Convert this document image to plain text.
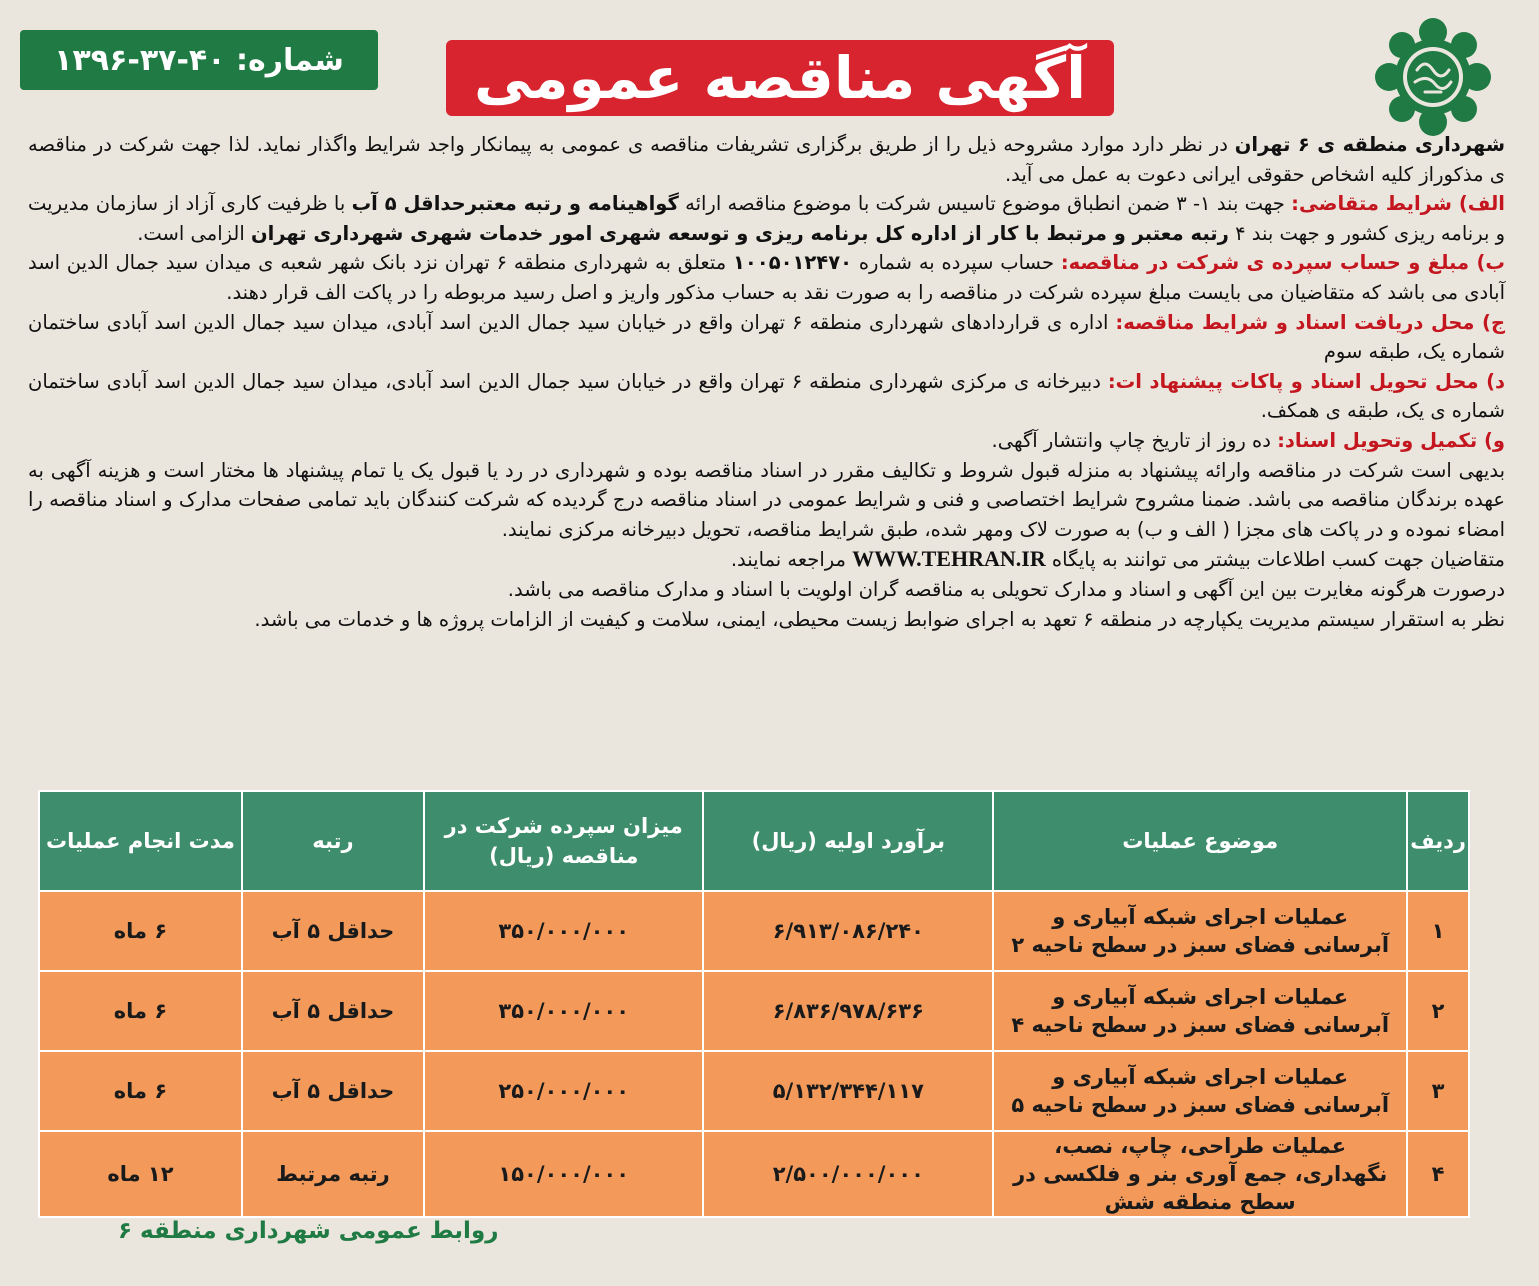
آگهی مناقصه عمومی
شماره: ۴۰-۳۷-۱۳۹۶

شهرداری منطقه ی ۶ تهران در نظر دارد موارد مشروحه ذیل را از طریق برگزاری تشریفات مناقصه ی عمومی به پیمانکار واجد شرایط واگذار نماید. لذا جهت شرکت در مناقصه ی مذکوراز کلیه اشخاص حقوقی ایرانی دعوت به عمل می آید.

الف) شرایط متقاضی: جهت بند ۱- ۳ ضمن انطباق موضوع تاسیس شرکت با موضوع مناقصه ارائه گواهینامه و رتبه معتبرحداقل ۵ آب با ظرفیت کاری آزاد از سازمان مدیریت و برنامه ریزی کشور و جهت بند ۴ رتبه معتبر و مرتبط با کار از اداره کل برنامه ریزی و توسعه شهری امور خدمات شهری شهرداری تهران الزامی است.

ب) مبلغ و حساب سپرده ی شرکت در مناقصه: حساب سپرده به شماره ۱۰۰۵۰۱۲۴۷۰ متعلق به شهرداری منطقه ۶ تهران نزد بانک شهر شعبه ی میدان سید جمال الدین اسد آبادی می باشد که متقاضیان می بایست مبلغ سپرده شرکت در مناقصه را به صورت نقد به حساب مذکور واریز و اصل رسید مربوطه را در پاکت الف قرار دهند.

ج) محل دریافت اسناد و شرایط مناقصه: اداره ی قراردادهای شهرداری منطقه ۶ تهران واقع در خیابان سید جمال الدین اسد آبادی، میدان سید جمال الدین اسد آبادی ساختمان شماره یک، طبقه سوم

د) محل تحویل اسناد و پاکات پیشنهاد ات: دبیرخانه ی مرکزی شهرداری منطقه ۶ تهران واقع در خیابان سید جمال الدین اسد آبادی، میدان سید جمال الدین اسد آبادی ساختمان شماره ی یک، طبقه ی همکف.

و) تکمیل وتحویل اسناد: ده روز از تاریخ چاپ وانتشار آگهی.

بدیهی است شرکت در مناقصه وارائه پیشنهاد به منزله قبول شروط و تکالیف مقرر در اسناد مناقصه بوده و شهرداری در رد یا قبول یک یا تمام پیشنهاد ها مختار است و هزینه آگهی به عهده برندگان مناقصه می باشد. ضمنا مشروح شرایط اختصاصی و فنی و شرایط عمومی در اسناد مناقصه درج گردیده که شرکت کنندگان باید تمامی صفحات مدارک و اسناد مناقصه را امضاء نموده و در پاکت های مجزا ( الف و ب) به صورت لاک ومهر شده، طبق شرایط مناقصه، تحویل دبیرخانه مرکزی نمایند.

متقاضیان جهت کسب اطلاعات بیشتر می توانند به پایگاه WWW.TEHRAN.IR مراجعه نمایند.

درصورت هرگونه مغایرت بین این آگهی و اسناد و مدارک تحویلی به مناقصه گران اولویت با اسناد و مدارک مناقصه می باشد.

نظر به استقرار سیستم مدیریت یکپارچه در منطقه ۶ تعهد به اجرای ضوابط زیست محیطی، ایمنی، سلامت و کیفیت از الزامات پروژه ها و خدمات می باشد.

ردیف	موضوع عملیات	برآورد اولیه (ریال)	میزان سپرده شرکت در مناقصه (ریال)	رتبه	مدت انجام عملیات
۱	عملیات اجرای شبکه آبیاری و آبرسانی فضای سبز در سطح ناحیه ۲	۶/۹۱۳/۰۸۶/۲۴۰	۳۵۰/۰۰۰/۰۰۰	حداقل ۵ آب	۶ ماه
۲	عملیات اجرای شبکه آبیاری و آبرسانی فضای سبز در سطح ناحیه ۴	۶/۸۳۶/۹۷۸/۶۳۶	۳۵۰/۰۰۰/۰۰۰	حداقل ۵ آب	۶ ماه
۳	عملیات اجرای شبکه آبیاری و آبرسانی فضای سبز در سطح ناحیه ۵	۵/۱۳۲/۳۴۴/۱۱۷	۲۵۰/۰۰۰/۰۰۰	حداقل ۵ آب	۶ ماه
۴	عملیات طراحی، چاپ، نصب، نگهداری، جمع آوری بنر و فلکسی در سطح منطقه شش	۲/۵۰۰/۰۰۰/۰۰۰	۱۵۰/۰۰۰/۰۰۰	رتبه مرتبط	۱۲ ماه
روابط عمومی شهرداری منطقه ۶
